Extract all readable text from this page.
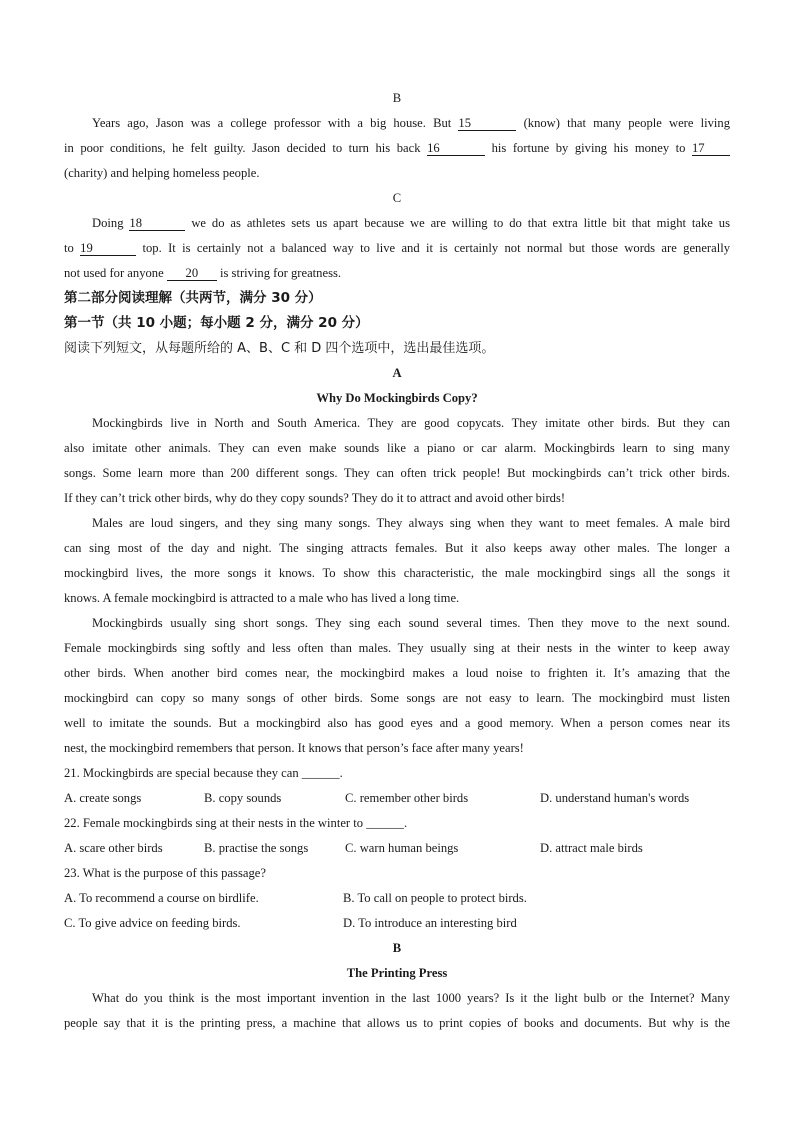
B
Years ago, Jason was a college professor with a big house. But 15	(know) that many people were living
in poor conditions, he felt guilty. Jason decided to turn his back 16	his fortune by giving his money to 17
(charity) and helping homeless people.
C
Doing 18	we do as athletes sets us apart because we are willing to do that extra little bit that might take us
to 19	top. It is certainly not a balanced way to live and it is certainly not normal but those words are generally
not used for anyone 20 is striving for greatness.
第二部分阅读理解（共两节，满分 30 分）
第一节（共 10 小题；每小题 2 分，满分 20 分）
阅读下列短文，从每题所给的 A、B、C 和 D 四个选项中，选出最佳选项。
A
Why Do Mockingbirds Copy?
Mockingbirds live in North and South America. They are good copycats. They imitate other birds. But they can
also imitate other animals. They can even make sounds like a piano or car alarm. Mockingbirds learn to sing many
songs. Some learn more than 200 different songs. They can often trick people! But mockingbirds can’t trick other birds.
If they can’t trick other birds, why do they copy sounds? They do it to attract and avoid other birds!
Males are loud singers, and they sing many songs. They always sing when they want to meet females. A male bird
can sing most of the day and night. The singing attracts females. But it also keeps away other males. The longer a
mockingbird lives, the more songs it knows. To show this characteristic, the male mockingbird sings all the songs it
knows. A female mockingbird is attracted to a male who has lived a long time.
Mockingbirds usually sing short songs. They sing each sound several times. Then they move to the next sound.
Female mockingbirds sing softly and less often than males. They usually sing at their nests in the winter to keep away
other birds. When another bird comes near, the mockingbird makes a loud noise to frighten it. It’s amazing that the
mockingbird can copy so many songs of other birds. Some songs are not easy to learn. The mockingbird must listen
well to imitate the sounds. But a mockingbird also has good eyes and a good memory. When a person comes near its
nest, the mockingbird remembers that person. It knows that person’s face after many years!
21. Mockingbirds are special because they can ______.
A. create songs	B. copy sounds	C. remember other birds	D. understand human's words
22. Female mockingbirds sing at their nests in the winter to ______.
A. scare other birds	B. practise the songs	C. warn human beings	D. attract male birds
23. What is the purpose of this passage?
A. To recommend a course on birdlife.	B. To call on people to protect birds.
C. To give advice on feeding birds.	D. To introduce an interesting bird
B
The Printing Press
What do you think is the most important invention in the last 1000 years? Is it the light bulb or the Internet? Many
people say that it is the printing press, a machine that allows us to print copies of books and documents. But why is the
